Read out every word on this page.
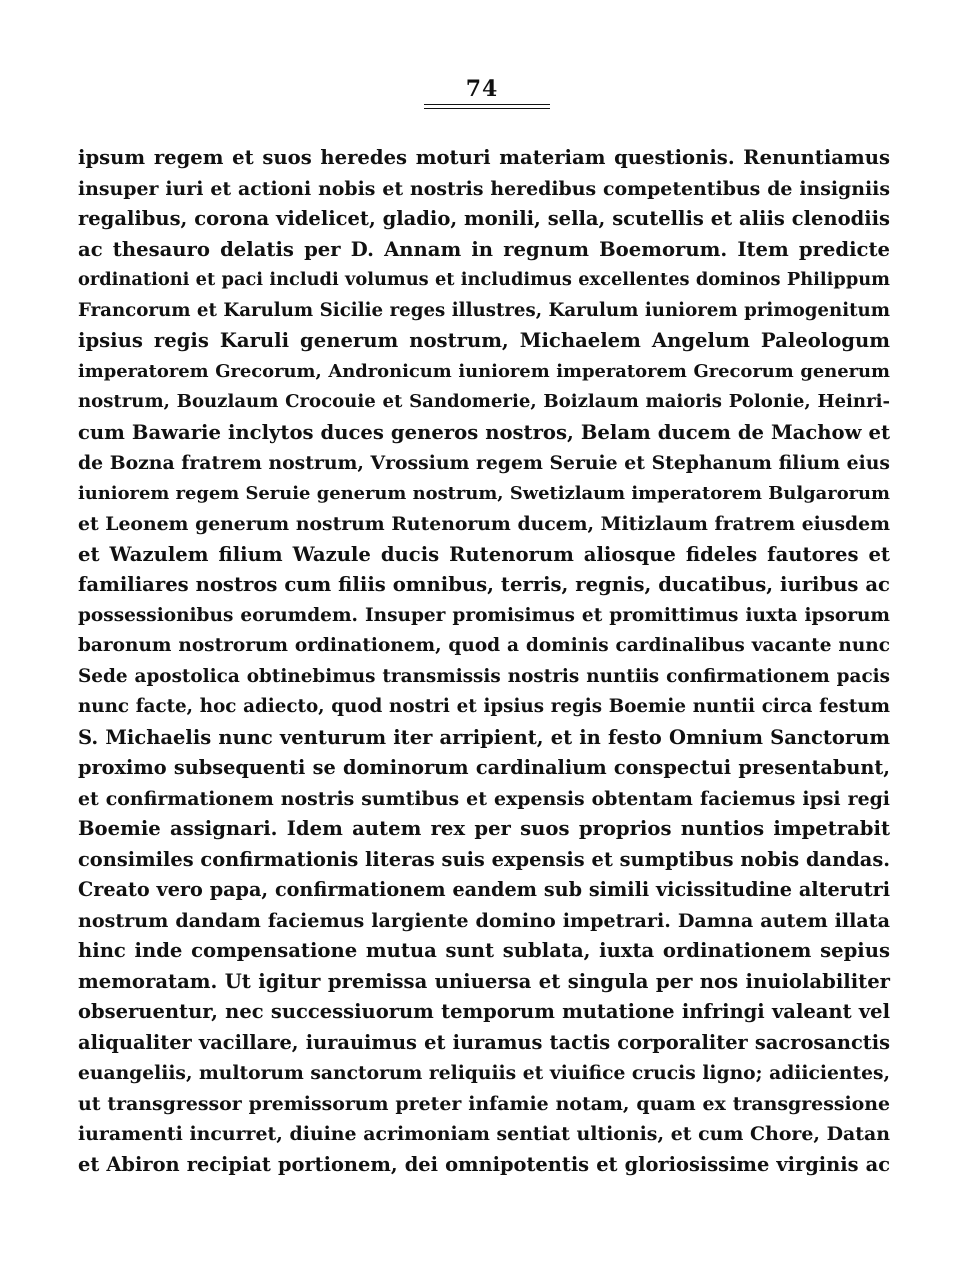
74
ipsum regem et suos heredes moturi materiam questionis. Renuntiamus
insuper iuri et actioni nobis et nostris heredibus competentibus de insigniis
regalibus, corona videlicet, gladio, monili, sella, scutellis et aliis clenodiis
ac thesauro delatis per D. Annam in regnum Boemorum. Item predicte
ordinationi et paci includi volumus et includimus excellentes dominos Philippum
Francorum et Karulum Sicilie reges illustres, Karulum iuniorem primogenitum
ipsius regis Karuli generum nostrum, Michaelem Angelum Paleologum
imperatorem Grecorum, Andronicum iuniorem imperatorem Grecorum generum
nostrum, Bouzlaum Crocouie et Sandomerie, Boizlaum maioris Polonie, Heinri-
cum Bawarie inclytos duces generos nostros, Belam ducem de Machow et
de Bozna fratrem nostrum, Vrossium regem Seruie et Stephanum filium eius
iuniorem regem Seruie generum nostrum, Swetizlaum imperatorem Bulgarorum
et Leonem generum nostrum Rutenorum ducem, Mitizlaum fratrem eiusdem
et Wazulem filium Wazule ducis Rutenorum aliosque fideles fautores et
familiares nostros cum filiis omnibus, terris, regnis, ducatibus, iuribus ac
possessionibus eorumdem. Insuper promisimus et promittimus iuxta ipsorum
baronum nostrorum ordinationem, quod a dominis cardinalibus vacante nunc
Sede apostolica obtinebimus transmissis nostris nuntiis confirmationem pacis
nunc facte, hoc adiecto, quod nostri et ipsius regis Boemie nuntii circa festum
S. Michaelis nunc venturum iter arripient, et in festo Omnium Sanctorum
proximo subsequenti se dominorum cardinalium conspectui presentabunt,
et confirmationem nostris sumtibus et expensis obtentam faciemus ipsi regi
Boemie assignari. Idem autem rex per suos proprios nuntios impetrabit
consimiles confirmationis literas suis expensis et sumptibus nobis dandas.
Creato vero papa, confirmationem eandem sub simili vicissitudine alterutri
nostrum dandam faciemus largiente domino impetrari. Damna autem illata
hinc inde compensatione mutua sunt sublata, iuxta ordinationem sepius
memoratam. Ut igitur premissa uniuersa et singula per nos inuiolabiliter
obseruentur, nec successiuorum temporum mutatione infringi valeant vel
aliqualiter vacillare, iurauimus et iuramus tactis corporaliter sacrosanctis
euangeliis, multorum sanctorum reliquiis et viuifice crucis ligno; adiicientes,
ut transgressor premissorum preter infamie notam, quam ex transgressione
iuramenti incurret, diuine acrimoniam sentiat ultionis, et cum Chore, Datan
et Abiron recipiat portionem, dei omnipotentis et gloriosissime virginis ac
